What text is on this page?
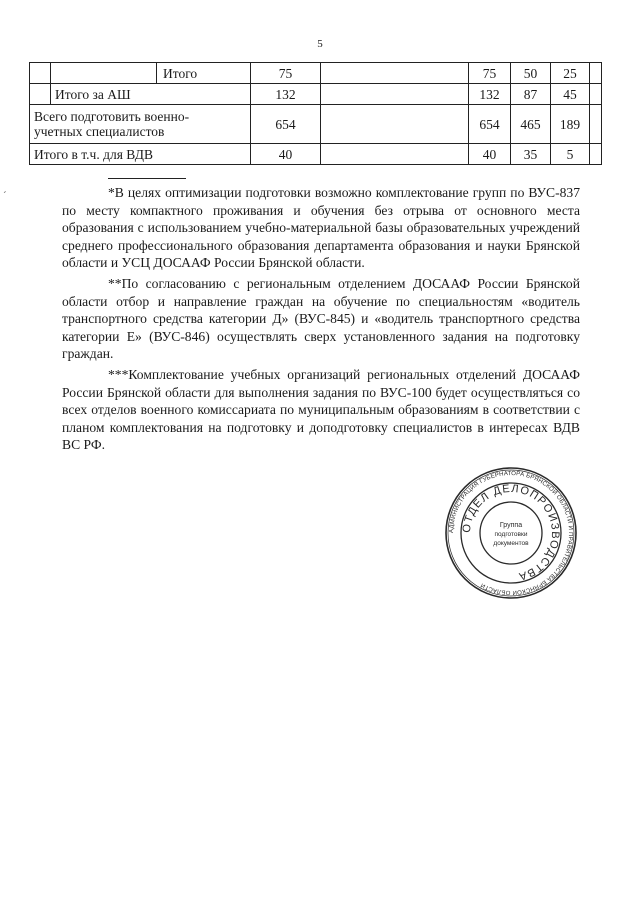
5
´
		Итого	75		75	50	25	
	Итого за АШ		132		132	87	45	

Всего подготовить военно-
учетных специалистов			654		654	465	189	
Итого в т.ч. для ВДВ			40		40	35	5	

*В целях оптимизации подготовки возможно комплектование групп по ВУС-837 по месту компактного проживания и обучения без отрыва от основного места образования с использованием учебно-материальной базы образовательных учреждений среднего профессионального образования департамента образования и науки Брянской области и УСЦ ДОСААФ России Брянской области.

**По согласованию с региональным отделением ДОСААФ России Брянской области отбор и направление граждан на обучение по специальностям «водитель транспортного средства категории Д» (ВУС-845) и «водитель транспортного средства категории Е» (ВУС-846) осуществлять сверх установленного задания на подготовку граждан.

***Комплектование учебных организаций региональных отделений ДОСААФ России Брянской области для выполнения задания по ВУС-100 будет осуществляться со всех отделов военного комиссариата по муниципальным образованиям в соответствии с планом комплектования на подготовку и доподготовку специалистов в интересах ВДВ ВС РФ.

АДМИНИСТРАЦИЯ ГУБЕРНАТОРА БРЯНСКОЙ ОБЛАСТИ И ПРАВИТЕЛЬСТВА БРЯНСКОЙ ОБЛАСТИ
ОТДЕЛ ДЕЛОПРОИЗВОДСТВА
Группа
подготовки
документов
